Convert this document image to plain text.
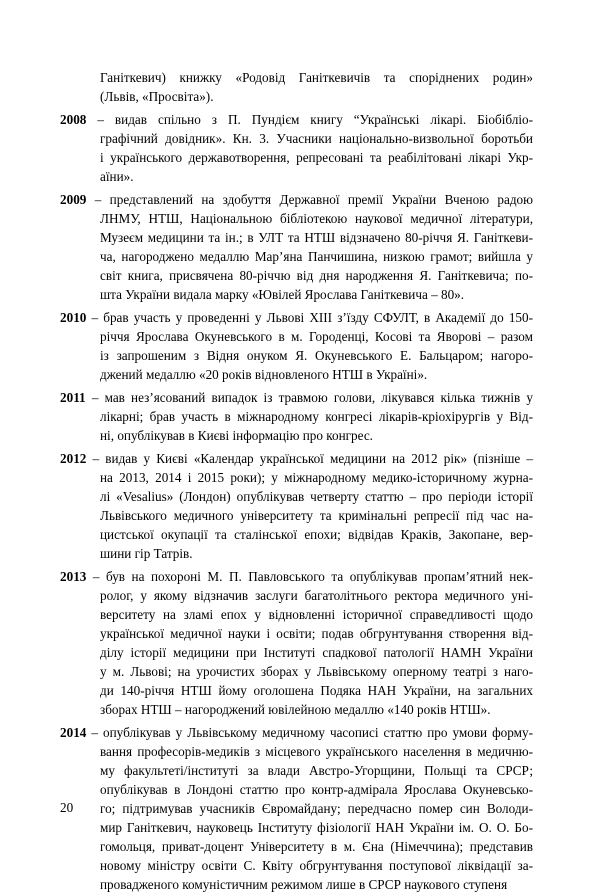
Ганіткевич) книжку «Родовід Ганіткевичів та споріднених родин»
(Львів, «Просвіта»).
2008 – видав спільно з П. Пундієм книгу “Українські лікарі. Біобібліо-
графічний довідник». Кн. 3. Учасники національно-визвольної боротьби
і українського державотворення, репресовані та реабілітовані лікарі Укр-
аїни».
2009 – представлений на здобуття Державної премії України Вченою радою
ЛНМУ, НТШ, Національною бібліотекою наукової медичної літератури,
Музеєм медицини та ін.; в УЛТ та НТШ відзначено 80-річчя Я. Ганіткеви-
ча, нагороджено медаллю Мар’яна Панчишина, низкою грамот; вийшла у
світ книга, присвячена 80-річчю від дня народження Я. Ганіткевича; по-
шта України видала марку «Ювілей Ярослава Ганіткевича – 80».
2010 – брав участь у проведенні у Львові ХІІІ з’їзду СФУЛТ, в Академії до 150-
річчя Ярослава Окуневського в м. Городенці, Косові та Яворові – разом
із запрошеним з Відня онуком Я. Окуневського Е. Бальцаром; нагоро-
джений медаллю «20 років відновленого НТШ в Україні».
2011 – мав нез’ясований випадок із травмою голови, лікувався кілька тижнів у
лікарні; брав участь в міжнародному конгресі лікарів-кріохірургів у Від-
ні, опублікував в Києві інформацію про конгрес.
2012 – видав у Києві «Календар української медицини на 2012 рік» (пізніше –
на 2013, 2014 і 2015 роки); у міжнародному медико-історичному журна-
лі «Vesalius» (Лондон) опублікував четверту статтю – про періоди історії
Львівського медичного університету та кримінальні репресії під час на-
цистської окупації та сталінської епохи; відвідав Краків, Закопане, вер-
шини гір Татрів.
2013 – був на похороні М. П. Павловського та опублікував пропам’ятний нек-
ролог, у якому відзначив заслуги багатолітнього ректора медичного уні-
верситету на зламі епох у відновленні історичної справедливості щодо
української медичної науки і освіти; подав обгрунтування створення від-
ділу історії медицини при Інституті спадкової патології НАМН України
у м. Львові; на урочистих зборах у Львівському оперному театрі з наго-
ди 140-річчя НТШ йому оголошена Подяка НАН України, на загальних
зборах НТШ – нагороджений ювілейною медаллю «140 років НТШ».
2014 – опублікував у Львівському медичному часописі статтю про умови форму-
вання професорів-медиків з місцевого українського населення в медичню-
му факультеті/інституті за влади Австро-Угорщини, Польщі та СРСР;
опублікував в Лондоні статтю про контр-адмірала Ярослава Окуневсько-
го; підтримував учасників Євромайдану; передчасно помер син Володи-
мир Ганіткевич, науковець Інституту фізіології НАН України ім. О. О. Бо-
гомольця, приват-доцент Університету в м. Єна (Німеччина); представив
новому міністру освіти С. Квіту обгрунтування поступової ліквідації за-
провадженого комуністичним режимом лише в СРСР наукового ступеня
20
